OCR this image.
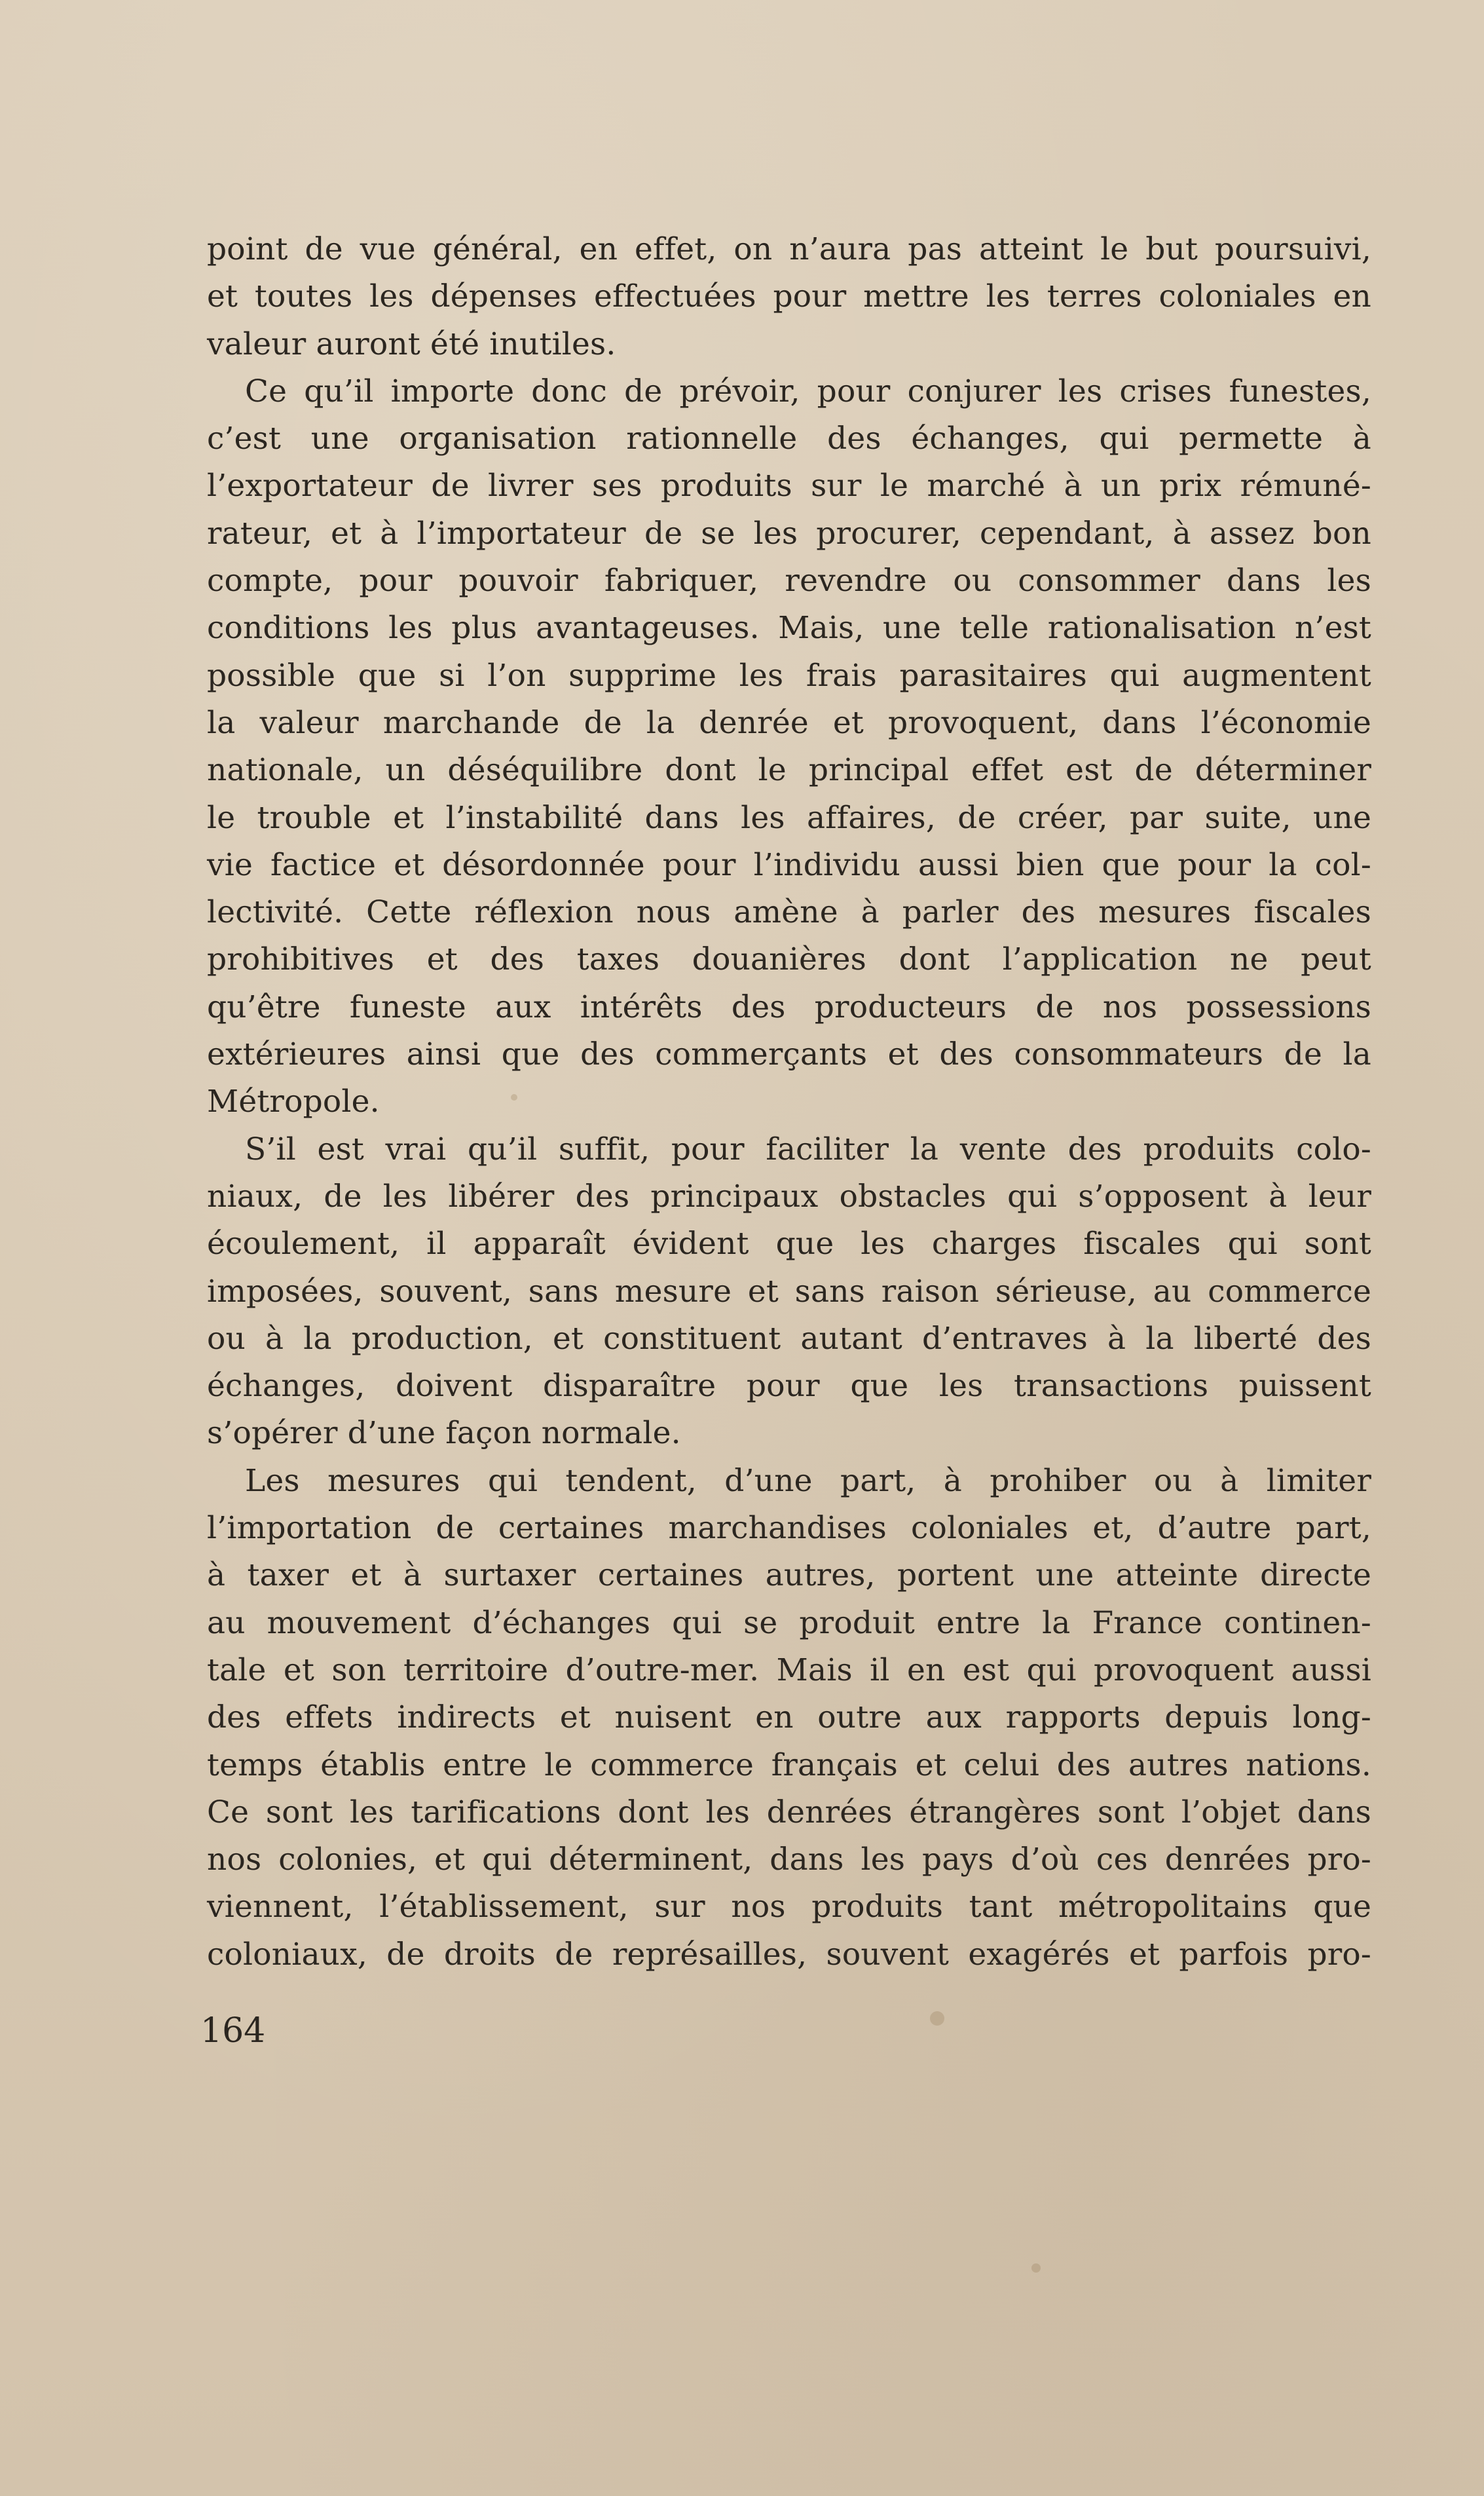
point de vue général, en effet, on n’aura pas atteint le but poursuivi,
et toutes les dépenses effectuées pour mettre les terres coloniales en
valeur auront été inutiles.
Ce qu’il importe donc de prévoir, pour conjurer les crises funestes,
c’est une organisation rationnelle des échanges, qui permette à
l’exportateur de livrer ses produits sur le marché à un prix rémuné-
rateur, et à l’importateur de se les procurer, cependant, à assez bon
compte, pour pouvoir fabriquer, revendre ou consommer dans les
conditions les plus avantageuses. Mais, une telle rationalisation n’est
possible que si l’on supprime les frais parasitaires qui augmentent
la valeur marchande de la denrée et provoquent, dans l’économie
nationale, un déséquilibre dont le principal effet est de déterminer
le trouble et l’instabilité dans les affaires, de créer, par suite, une
vie factice et désordonnée pour l’individu aussi bien que pour la col-
lectivité. Cette réflexion nous amène à parler des mesures fiscales
prohibitives et des taxes douanières dont l’application ne peut
qu’être funeste aux intérêts des producteurs de nos possessions
extérieures ainsi que des commerçants et des consommateurs de la
Métropole.
S’il est vrai qu’il suffit, pour faciliter la vente des produits colo-
niaux, de les libérer des principaux obstacles qui s’opposent à leur
écoulement, il apparaît évident que les charges fiscales qui sont
imposées, souvent, sans mesure et sans raison sérieuse, au commerce
ou à la production, et constituent autant d’entraves à la liberté des
échanges, doivent disparaître pour que les transactions puissent
s’opérer d’une façon normale.
Les mesures qui tendent, d’une part, à prohiber ou à limiter
l’importation de certaines marchandises coloniales et, d’autre part,
à taxer et à surtaxer certaines autres, portent une atteinte directe
au mouvement d’échanges qui se produit entre la France continen-
tale et son territoire d’outre-mer. Mais il en est qui provoquent aussi
des effets indirects et nuisent en outre aux rapports depuis long-
temps établis entre le commerce français et celui des autres nations.
Ce sont les tarifications dont les denrées étrangères sont l’objet dans
nos colonies, et qui déterminent, dans les pays d’où ces denrées pro-
viennent, l’établissement, sur nos produits tant métropolitains que
coloniaux, de droits de représailles, souvent exagérés et parfois pro-
164
